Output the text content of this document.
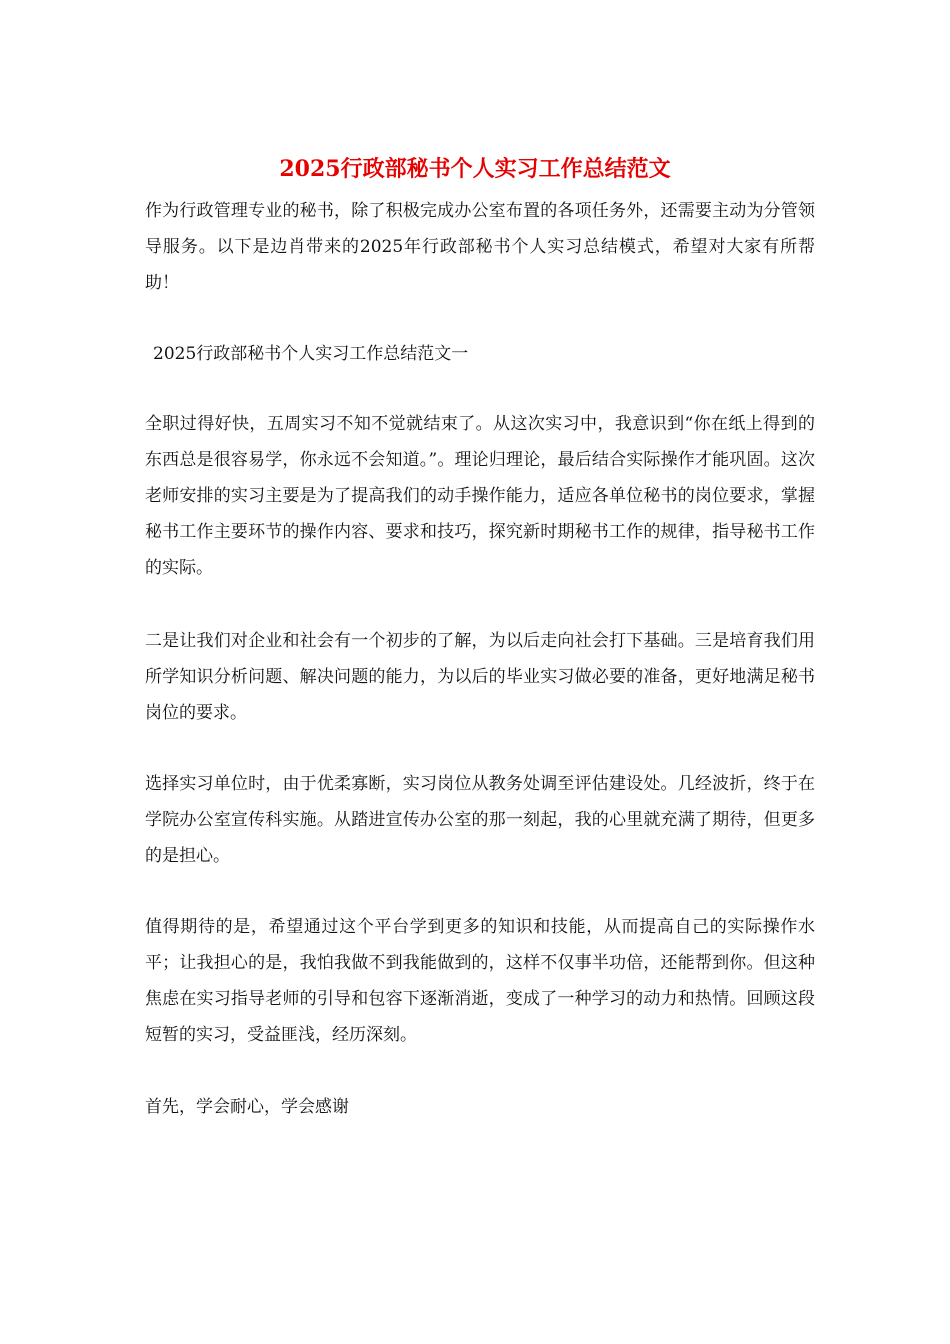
2025行政部秘书个人实习工作总结范文

作为行政管理专业的秘书，除了积极完成办公室布置的各项任务外，还需要主动为分管领导服务。以下是边肖带来的2025年行政部秘书个人实习总结模式，希望对大家有所帮助！

2025行政部秘书个人实习工作总结范文一

全职过得好快，五周实习不知不觉就结束了。从这次实习中，我意识到“你在纸上得到的东西总是很容易学，你永远不会知道。”。理论归理论，最后结合实际操作才能巩固。这次老师安排的实习主要是为了提高我们的动手操作能力，适应各单位秘书的岗位要求，掌握秘书工作主要环节的操作内容、要求和技巧，探究新时期秘书工作的规律，指导秘书工作的实际。

二是让我们对企业和社会有一个初步的了解，为以后走向社会打下基础。三是培育我们用所学知识分析问题、解决问题的能力，为以后的毕业实习做必要的准备，更好地满足秘书岗位的要求。

选择实习单位时，由于优柔寡断，实习岗位从教务处调至评估建设处。几经波折，终于在学院办公室宣传科实施。从踏进宣传办公室的那一刻起，我的心里就充满了期待，但更多的是担心。

值得期待的是，希望通过这个平台学到更多的知识和技能，从而提高自己的实际操作水平；让我担心的是，我怕我做不到我能做到的，这样不仅事半功倍，还能帮到你。但这种焦虑在实习指导老师的引导和包容下逐渐消逝，变成了一种学习的动力和热情。回顾这段短暂的实习，受益匪浅，经历深刻。

首先，学会耐心，学会感谢
